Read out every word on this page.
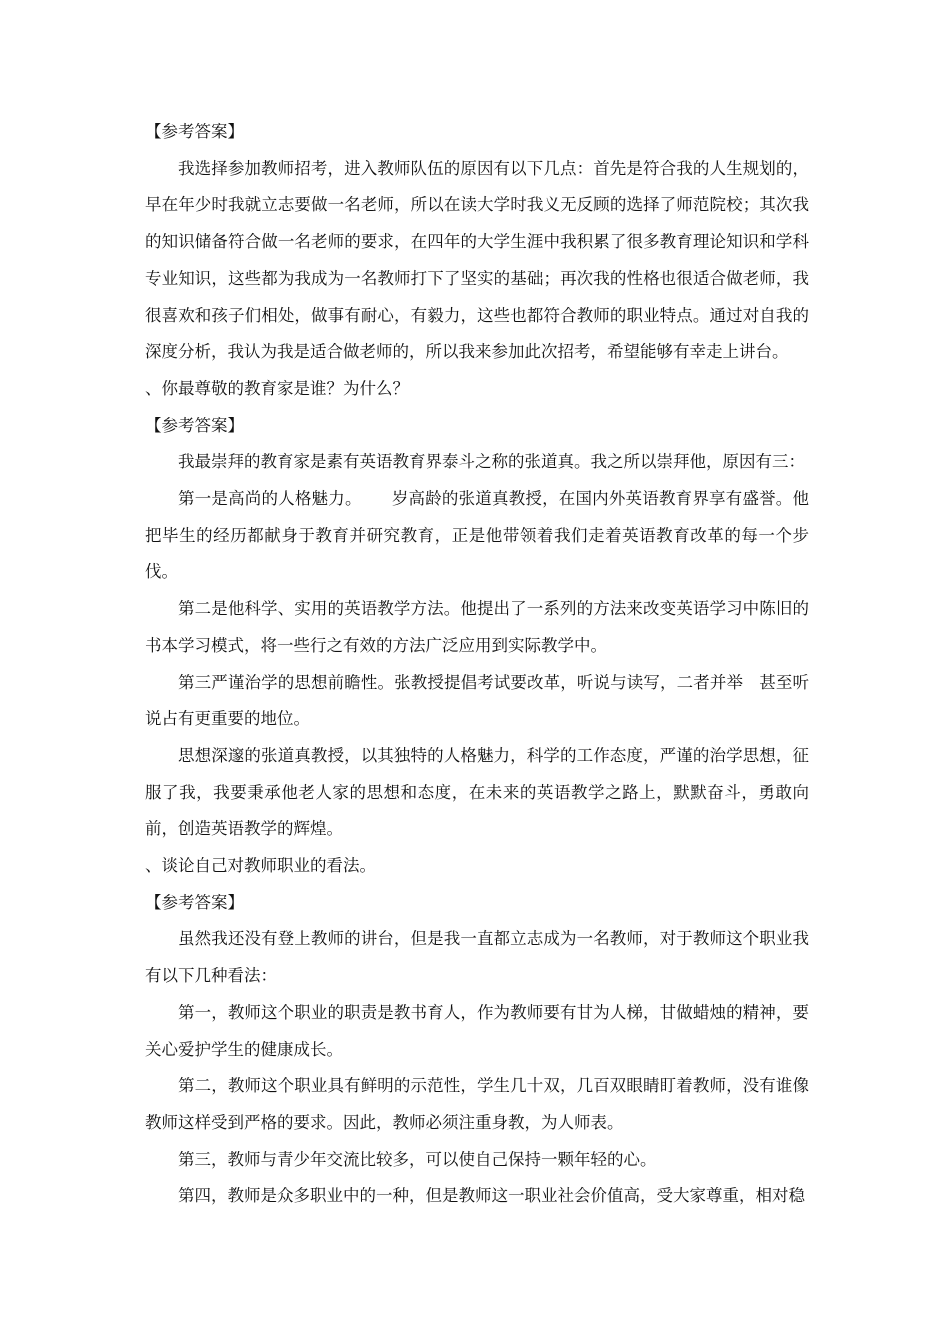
【参考答案】

我选择参加教师招考，进入教师队伍的原因有以下几点：首先是符合我的人生规划的，早在年少时我就立志要做一名老师，所以在读大学时我义无反顾的选择了师范院校；其次我的知识储备符合做一名老师的要求，在四年的大学生涯中我积累了很多教育理论知识和学科专业知识，这些都为我成为一名教师打下了坚实的基础；再次我的性格也很适合做老师，我很喜欢和孩子们相处，做事有耐心，有毅力，这些也都符合教师的职业特点。通过对自我的深度分析，我认为我是适合做老师的，所以我来参加此次招考，希望能够有幸走上讲台。

、你最尊敬的教育家是谁？为什么？

【参考答案】

我最崇拜的教育家是素有英语教育界泰斗之称的张道真。我之所以崇拜他，原因有三：

第一是高尚的人格魅力。 岁高龄的张道真教授，在国内外英语教育界享有盛誉。他把毕生的经历都献身于教育并研究教育，正是他带领着我们走着英语教育改革的每一个步伐。

第二是他科学、实用的英语教学方法。他提出了一系列的方法来改变英语学习中陈旧的书本学习模式，将一些行之有效的方法广泛应用到实际教学中。

第三严谨治学的思想前瞻性。张教授提倡考试要改革，听说与读写，二者并举 甚至听说占有更重要的地位。

思想深邃的张道真教授，以其独特的人格魅力，科学的工作态度，严谨的治学思想，征服了我，我要秉承他老人家的思想和态度，在未来的英语教学之路上，默默奋斗，勇敢向前，创造英语教学的辉煌。

、谈论自己对教师职业的看法。

【参考答案】

虽然我还没有登上教师的讲台，但是我一直都立志成为一名教师，对于教师这个职业我有以下几种看法：

第一，教师这个职业的职责是教书育人，作为教师要有甘为人梯，甘做蜡烛的精神，要关心爱护学生的健康成长。

第二，教师这个职业具有鲜明的示范性，学生几十双，几百双眼睛盯着教师，没有谁像教师这样受到严格的要求。因此，教师必须注重身教，为人师表。

第三，教师与青少年交流比较多，可以使自己保持一颗年轻的心。

第四，教师是众多职业中的一种，但是教师这一职业社会价值高，受大家尊重，相对稳
